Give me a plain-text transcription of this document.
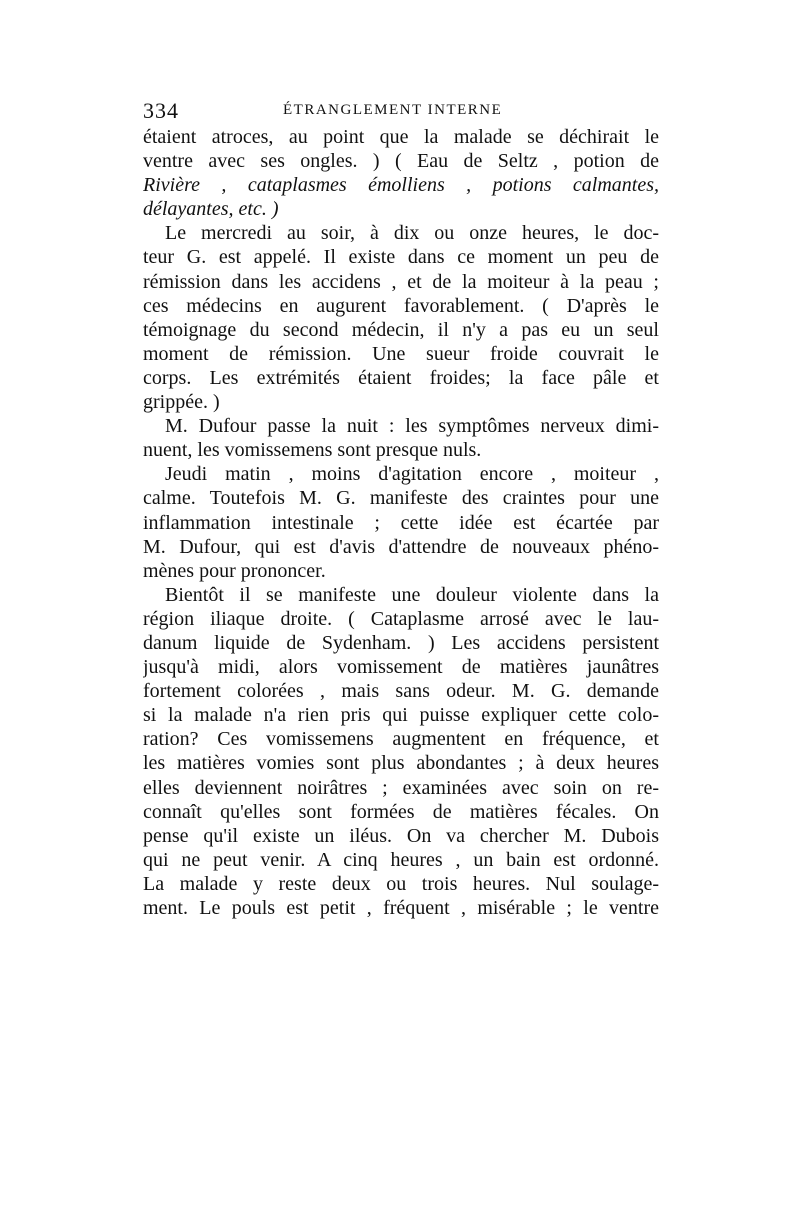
334	ÉTRANGLEMENT INTERNE
étaient atroces, au point que la malade se déchirait le
ventre avec ses ongles. ) ( Eau de Seltz , potion de
Rivière , cataplasmes émolliens , potions calmantes,
délayantes, etc. )
Le mercredi au soir, à dix ou onze heures, le doc-
teur G. est appelé. Il existe dans ce moment un peu de
rémission dans les accidens , et de la moiteur à la peau ;
ces médecins en augurent favorablement. ( D'après le
témoignage du second médecin, il n'y a pas eu un seul
moment de rémission. Une sueur froide couvrait le
corps. Les extrémités étaient froides; la face pâle et
grippée. )
M. Dufour passe la nuit : les symptômes nerveux dimi-
nuent, les vomissemens sont presque nuls.
Jeudi matin , moins d'agitation encore , moiteur ,
calme. Toutefois M. G. manifeste des craintes pour une
inflammation intestinale ; cette idée est écartée par
M. Dufour, qui est d'avis d'attendre de nouveaux phéno-
mènes pour prononcer.
Bientôt il se manifeste une douleur violente dans la
région iliaque droite. ( Cataplasme arrosé avec le lau-
danum liquide de Sydenham. ) Les accidens persistent
jusqu'à midi, alors vomissement de matières jaunâtres
fortement colorées , mais sans odeur. M. G. demande
si la malade n'a rien pris qui puisse expliquer cette colo-
ration? Ces vomissemens augmentent en fréquence, et
les matières vomies sont plus abondantes ; à deux heures
elles deviennent noirâtres ; examinées avec soin on re-
connaît qu'elles sont formées de matières fécales. On
pense qu'il existe un iléus. On va chercher M. Dubois
qui ne peut venir. A cinq heures , un bain est ordonné.
La malade y reste deux ou trois heures. Nul soulage-
ment. Le pouls est petit , fréquent , misérable ; le ventre
